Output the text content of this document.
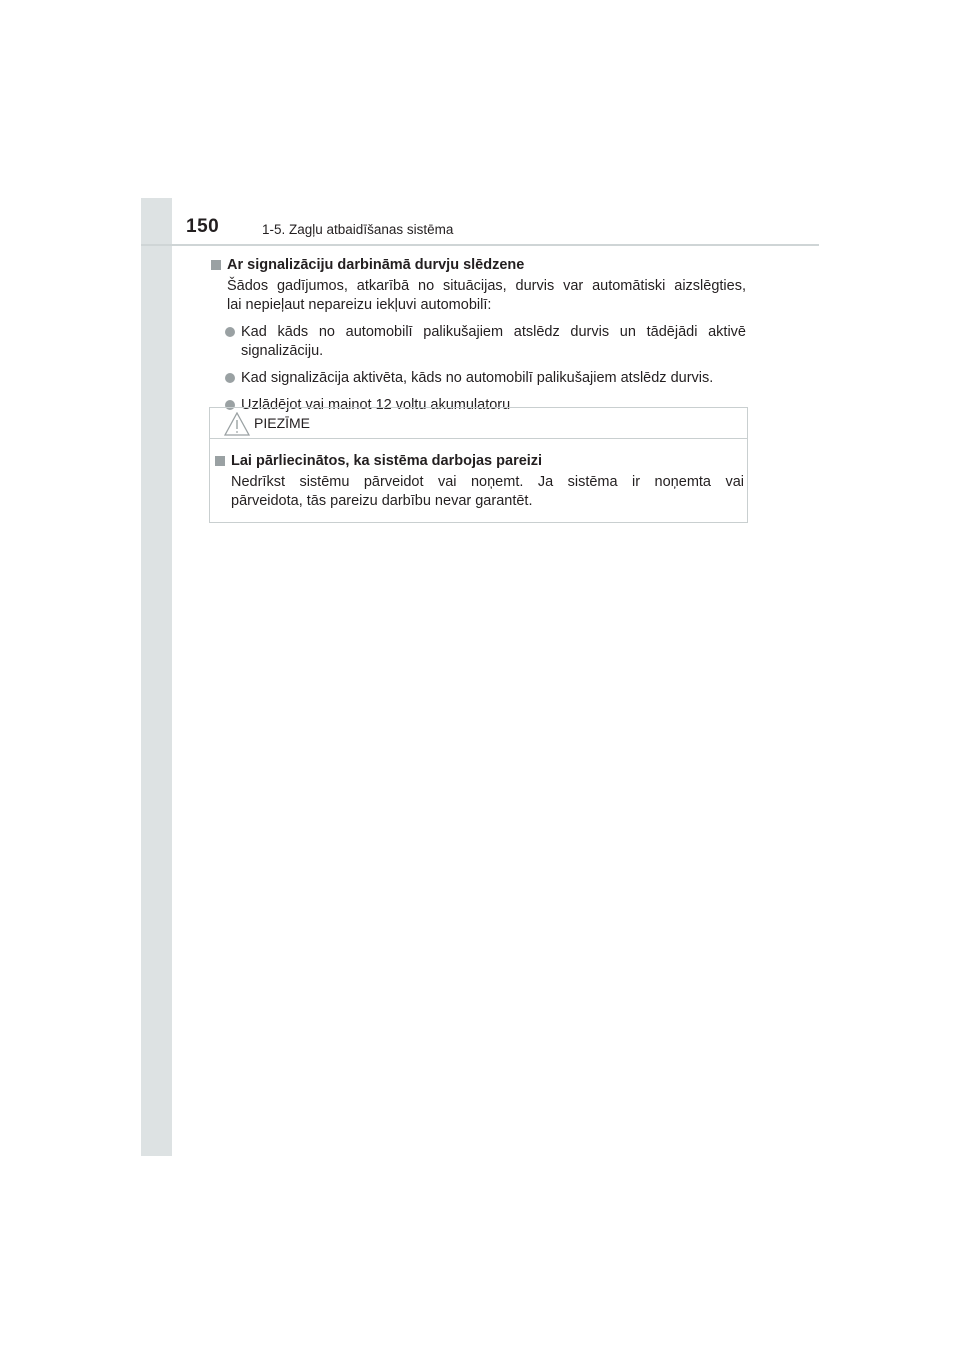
150	1-5. Zagļu atbaidīšanas sistēma
Ar signalizāciju darbināmā durvju slēdzene
Šādos gadījumos, atkarībā no situācijas, durvis var automātiski aizslēgties,
lai nepieļaut nepareizu iekļuvi automobilī:
Kad kāds no automobilī palikušajiem atslēdz durvis un tādējādi aktivē
signalizāciju.
Kad signalizācija aktivēta, kāds no automobilī palikušajiem atslēdz durvis.
Uzlādējot vai mainot 12 voltu akumulatoru
PIEZĪME
Lai pārliecinātos, ka sistēma darbojas pareizi
Nedrīkst sistēmu pārveidot vai noņemt. Ja sistēma ir noņemta vai
pārveidota, tās pareizu darbību nevar garantēt.
